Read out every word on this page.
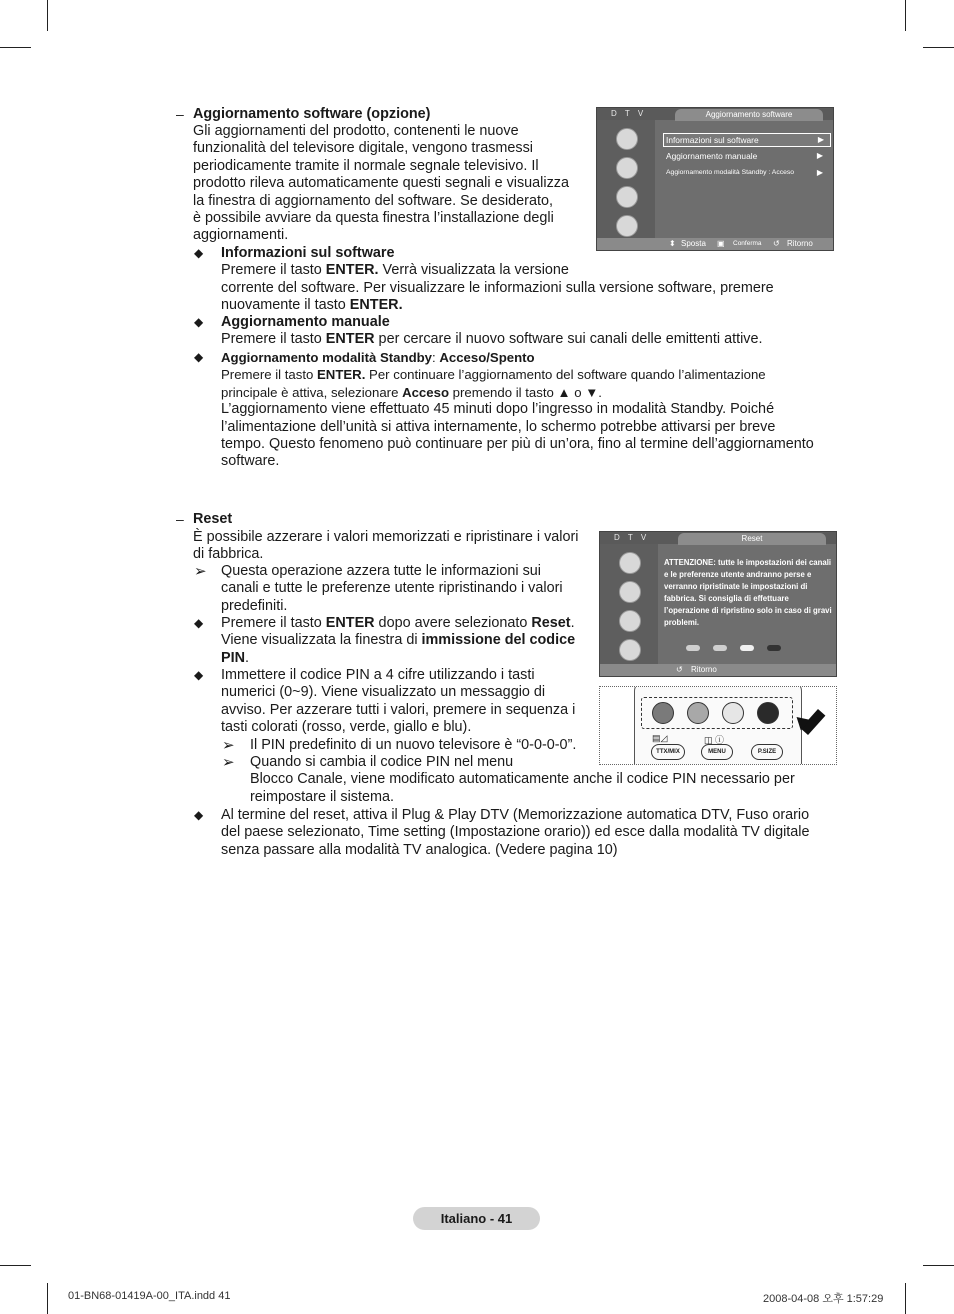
– Aggiornamento software (opzione)
Gli aggiornamenti del prodotto, contenenti le nuove
funzionalità del televisore digitale, vengono trasmessi
periodicamente tramite il normale segnale televisivo. Il
prodotto rileva automaticamente questi segnali e visualizza
la finestra di aggiornamento del software. Se desiderato,
è possibile avviare da questa finestra l’installazione degli
aggiornamenti.
◆ Informazioni sul software
Premere il tasto ENTER. Verrà visualizzata la versione
corrente del software. Per visualizzare le informazioni sulla versione software, premere
nuovamente il tasto ENTER.
◆ Aggiornamento manuale
Premere il tasto ENTER per cercare il nuovo software sui canali delle emittenti attive.
◆ Aggiornamento modalità Standby: Acceso/Spento
Premere il tasto ENTER. Per continuare l’aggiornamento del software quando l’alimentazione
principale è attiva, selezionare Acceso premendo il tasto ▲ o ▼.
L’aggiornamento viene effettuato 45 minuti dopo l’ingresso in modalità Standby. Poiché
l’alimentazione dell’unità si attiva internamente, lo schermo potrebbe attivarsi per breve
tempo. Questo fenomeno può continuare per più di un’ora, fino al termine dell’aggiornamento
software.
D T V	Aggiornamento software
Informazioni sul software	▶
Aggiornamento manuale	▶
Aggiornamento modalità Standby : Acceso	▶
⬍ Sposta ▣ Conferma ↺ Ritorno
– Reset
È possibile azzerare i valori memorizzati e ripristinare i valori
di fabbrica.
➢ Questa operazione azzera tutte le informazioni sui
canali e tutte le preferenze utente ripristinando i valori
predefiniti.
◆ Premere il tasto ENTER dopo avere selezionato Reset.
Viene visualizzata la finestra di immissione del codice
PIN.
◆ Immettere il codice PIN a 4 cifre utilizzando i tasti
numerici (0~9). Viene visualizzato un messaggio di
avviso. Per azzerare tutti i valori, premere in sequenza i
tasti colorati (rosso, verde, giallo e blu).
➢ Il PIN predefinito di un nuovo televisore è “0-0-0-0”.
➢ Quando si cambia il codice PIN nel menu
Blocco Canale, viene modificato automaticamente anche il codice PIN necessario per
reimpostare il sistema.
◆ Al termine del reset, attiva il Plug & Play DTV (Memorizzazione automatica DTV, Fuso orario
del paese selezionato, Time setting (Impostazione orario)) ed esce dalla modalità TV digitale
senza passare alla modalità TV analogica. (Vedere pagina 10)
D T V	Reset
ATTENZIONE: tutte le impostazioni dei canali e le preferenze utente andranno perse e verranno ripristinate le impostazioni di fabbrica. Si consiglia di effettuare l’operazione di ripristino solo in caso di gravi problemi.
↺ Ritorno
▤◿	◫ ⓘ
TTX/MIX	MENU	P.SIZE
Italiano - 41
01-BN68-01419A-00_ITA.indd 41	2008-04-08 오후 1:57:29
